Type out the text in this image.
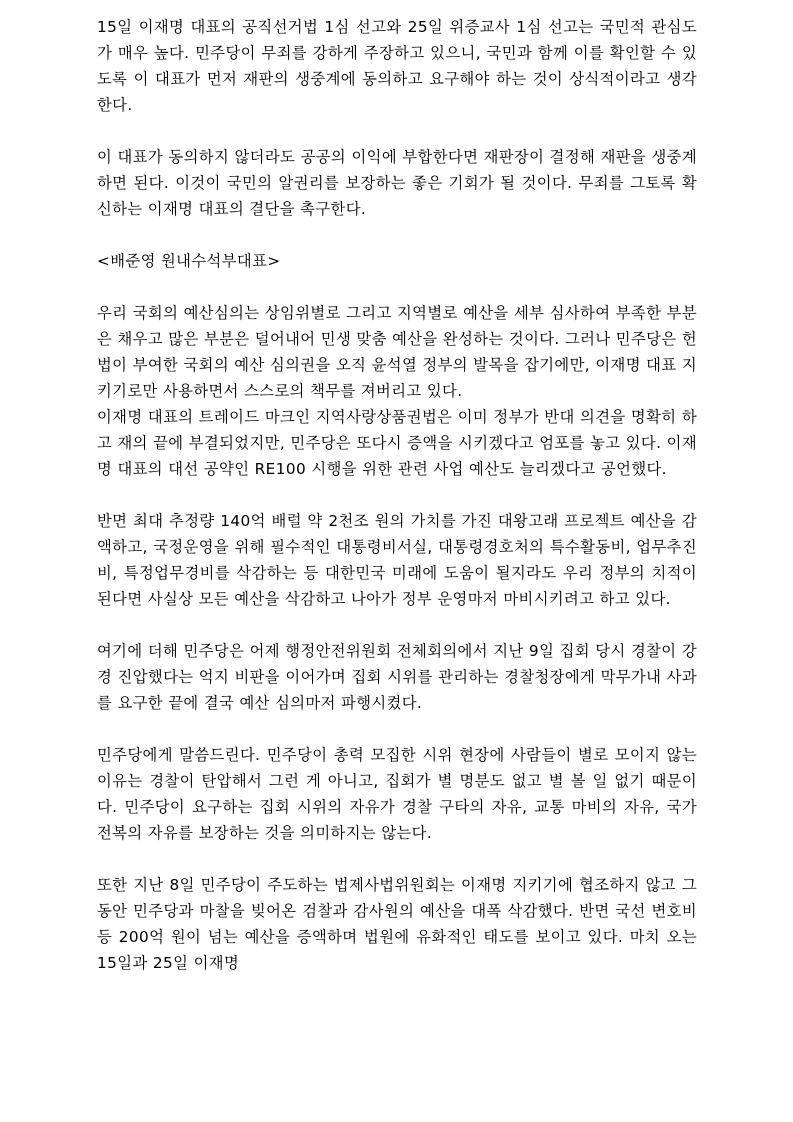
15일 이재명 대표의 공직선거법 1심 선고와 25일 위증교사 1심 선고는 국민적 관심도가 매우 높다. 민주당이 무죄를 강하게 주장하고 있으니, 국민과 함께 이를 확인할 수 있도록 이 대표가 먼저 재판의 생중계에 동의하고 요구해야 하는 것이 상식적이라고 생각한다.

이 대표가 동의하지 않더라도 공공의 이익에 부합한다면 재판장이 결정해 재판을 생중계하면 된다. 이것이 국민의 알권리를 보장하는 좋은 기회가 될 것이다. 무죄를 그토록 확신하는 이재명 대표의 결단을 촉구한다.

<배준영 원내수석부대표>

우리 국회의 예산심의는 상임위별로 그리고 지역별로 예산을 세부 심사하여 부족한 부분은 채우고 많은 부분은 덜어내어 민생 맞춤 예산을 완성하는 것이다. 그러나 민주당은 헌법이 부여한 국회의 예산 심의권을 오직 윤석열 정부의 발목을 잡기에만, 이재명 대표 지키기로만 사용하면서 스스로의 책무를 져버리고 있다.

이재명 대표의 트레이드 마크인 지역사랑상품권법은 이미 정부가 반대 의견을 명확히 하고 재의 끝에 부결되었지만, 민주당은 또다시 증액을 시키겠다고 엄포를 놓고 있다. 이재명 대표의 대선 공약인 RE100 시행을 위한 관련 사업 예산도 늘리겠다고 공언했다.

반면 최대 추정량 140억 배럴 약 2천조 원의 가치를 가진 대왕고래 프로젝트 예산을 감액하고, 국정운영을 위해 필수적인 대통령비서실, 대통령경호처의 특수활동비, 업무추진비, 특정업무경비를 삭감하는 등 대한민국 미래에 도움이 될지라도 우리 정부의 치적이 된다면 사실상 모든 예산을 삭감하고 나아가 정부 운영마저 마비시키려고 하고 있다.

여기에 더해 민주당은 어제 행정안전위원회 전체회의에서 지난 9일 집회 당시 경찰이 강경 진압했다는 억지 비판을 이어가며 집회 시위를 관리하는 경찰청장에게 막무가내 사과를 요구한 끝에 결국 예산 심의마저 파행시켰다.

민주당에게 말씀드린다. 민주당이 총력 모집한 시위 현장에 사람들이 별로 모이지 않는 이유는 경찰이 탄압해서 그런 게 아니고, 집회가 별 명분도 없고 별 볼 일 없기 때문이다. 민주당이 요구하는 집회 시위의 자유가 경찰 구타의 자유, 교통 마비의 자유, 국가 전복의 자유를 보장하는 것을 의미하지는 않는다.

또한 지난 8일 민주당이 주도하는 법제사법위원회는 이재명 지키기에 협조하지 않고 그동안 민주당과 마찰을 빚어온 검찰과 감사원의 예산을 대폭 삭감했다. 반면 국선 변호비 등 200억 원이 넘는 예산을 증액하며 법원에 유화적인 태도를 보이고 있다. 마치 오는 15일과 25일 이재명
